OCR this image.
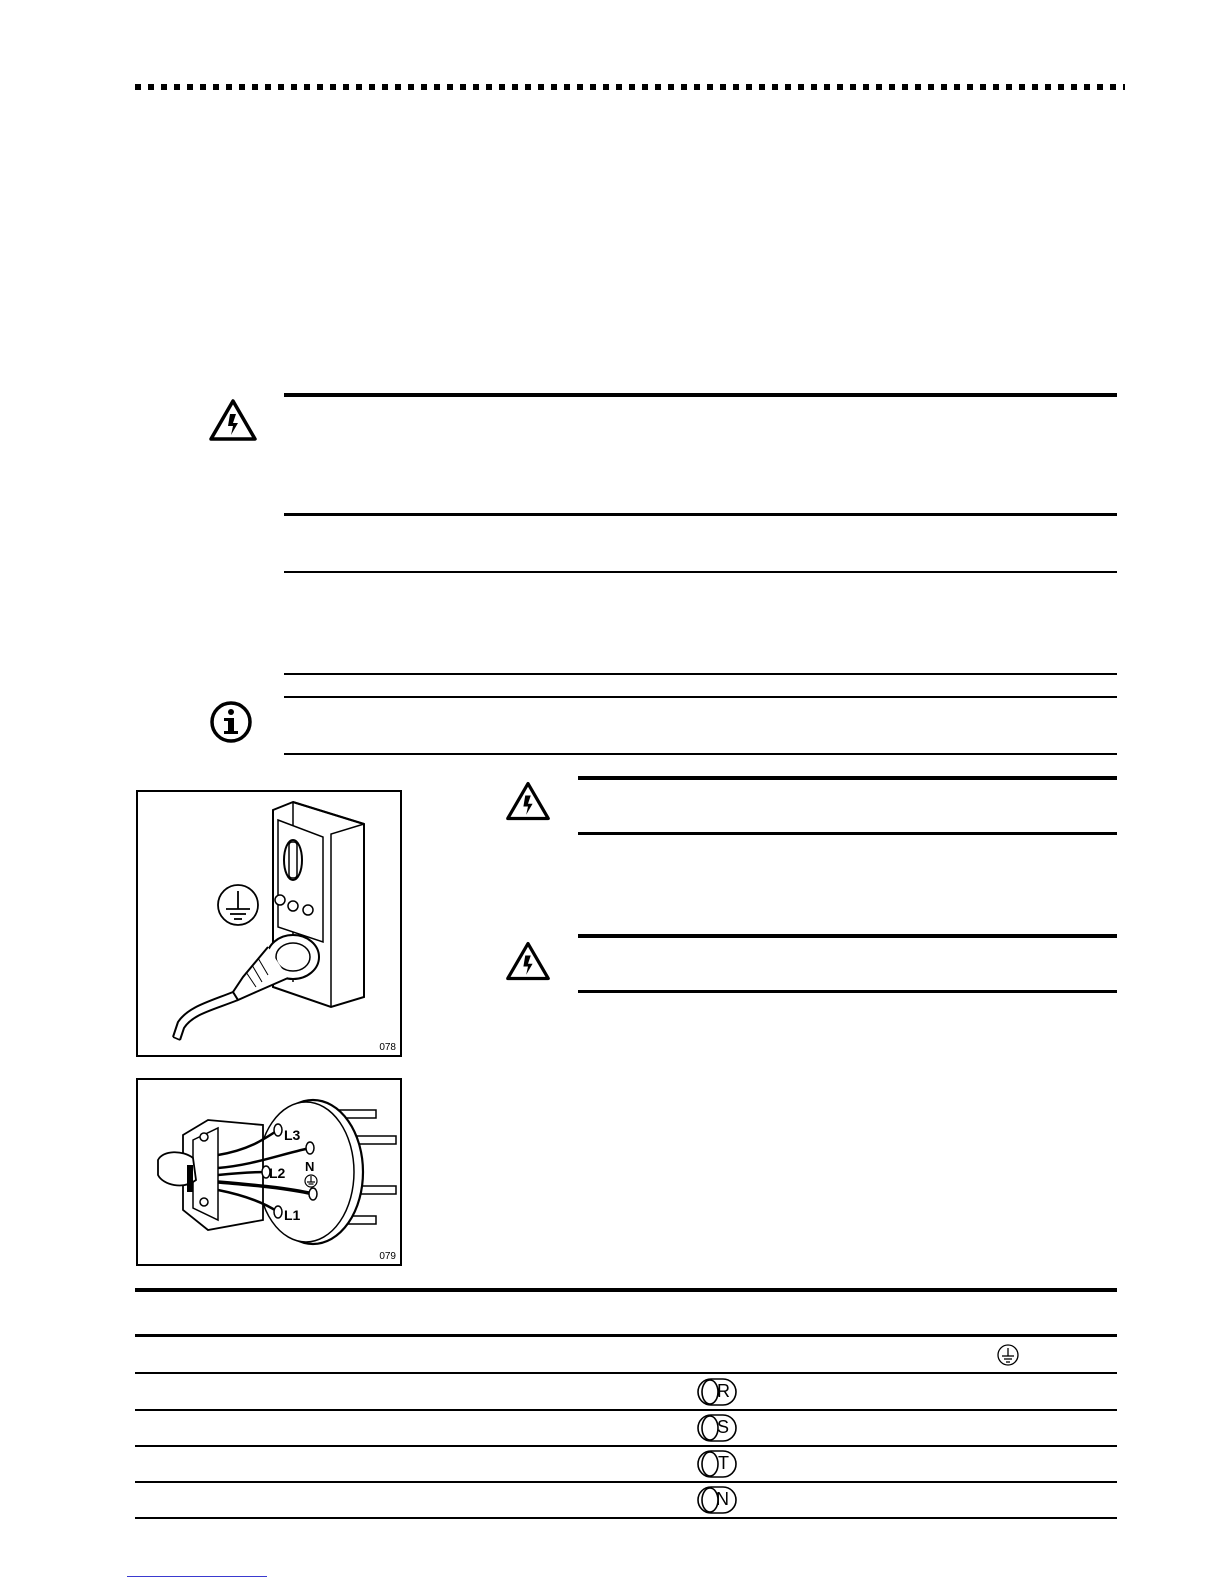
078
L3
L2
L1
N
079
R
S
T
N
